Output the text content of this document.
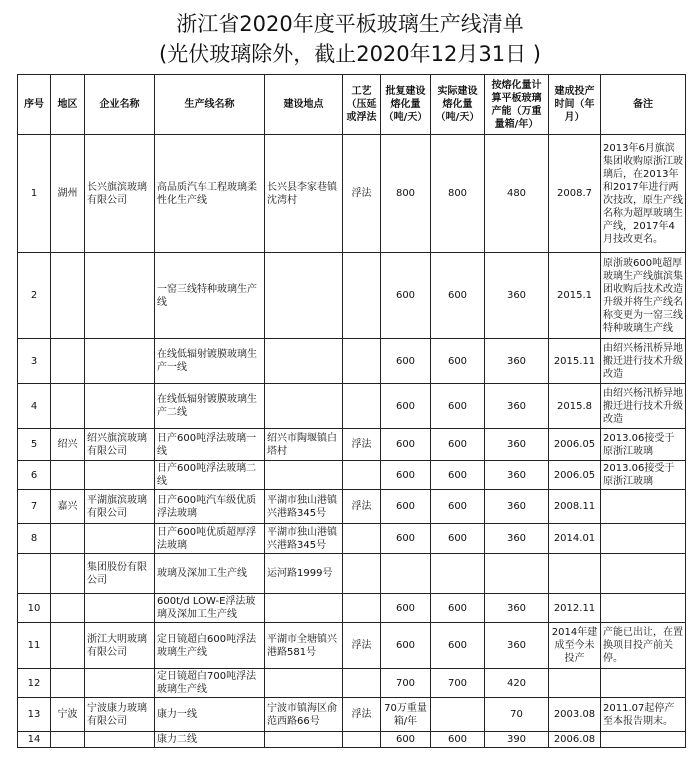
浙江省2020年度平板玻璃生产线清单
(光伏玻璃除外，截止2020年12月31日 )
序号	地区	企业名称	生产线名称	建设地点	工艺（压延或浮法	批复建设熔化量（吨/天）	实际建设熔化量（吨/天）	按熔化量计算平板玻璃产能（万重量箱/年）	建成投产时间（年月）	备注
1	湖州	长兴旗滨玻璃有限公司	高品质汽车工程玻璃柔性化生产线	长兴县李家巷镇沈湾村	浮法	800	800	480	2008.7	2013年6月旗滨集团收购原浙江玻璃后，在2013年和2017年进行两次技改，原生产线名称为超厚玻璃生产线，2017年4月技改更名。
2			一窑三线特种玻璃生产线			600	600	360	2015.1	原浙玻600吨超厚玻璃生产线旗滨集团收购后技术改造升级并将生产线名称变更为一窑三线特种玻璃生产线
3			在线低辐射镀膜玻璃生产一线			600	600	360	2015.11	由绍兴杨汛桥异地搬迁进行技术升级改造
4			在线低辐射镀膜玻璃生产二线			600	600	360	2015.8	由绍兴杨汛桥异地搬迁进行技术升级改造
5	绍兴	绍兴旗滨玻璃有限公司	日产600吨浮法玻璃一线	绍兴市陶堰镇白塔村	浮法	600	600	360	2006.05	2013.06接受于原浙江玻璃
6			日产600吨浮法玻璃二线			600	600	360	2006.05	2013.06接受于原浙江玻璃
7	嘉兴	平湖旗滨玻璃有限公司	日产600吨汽车级优质浮法玻璃	平湖市独山港镇兴港路345号	浮法	600	600	360	2008.11	
8			日产600吨优质超厚浮法玻璃	平湖市独山港镇兴港路345号		600	600	360	2014.01	
		集团股份有限公司	玻璃及深加工生产线	运河路1999号						
10			600t/d LOW-E浮法玻璃及深加工生产线			600	600	360	2012.11	
11		浙江大明玻璃有限公司	定日镜超白600吨浮法玻璃生产线	平湖市全塘镇兴港路581号	浮法	600	600	360	2014年建成至今未投产	产能已出让，在置换项目投产前关停。
12			定日镜超白700吨浮法玻璃生产线			700	700	420		
13	宁波	宁波康力玻璃有限公司	康力一线	宁波市镇海区俞范西路66号	浮法	70万重量箱/年		70	2003.08	2011.07起停产至本报告期末。
14			康力二线			600	600	390	2006.08	
